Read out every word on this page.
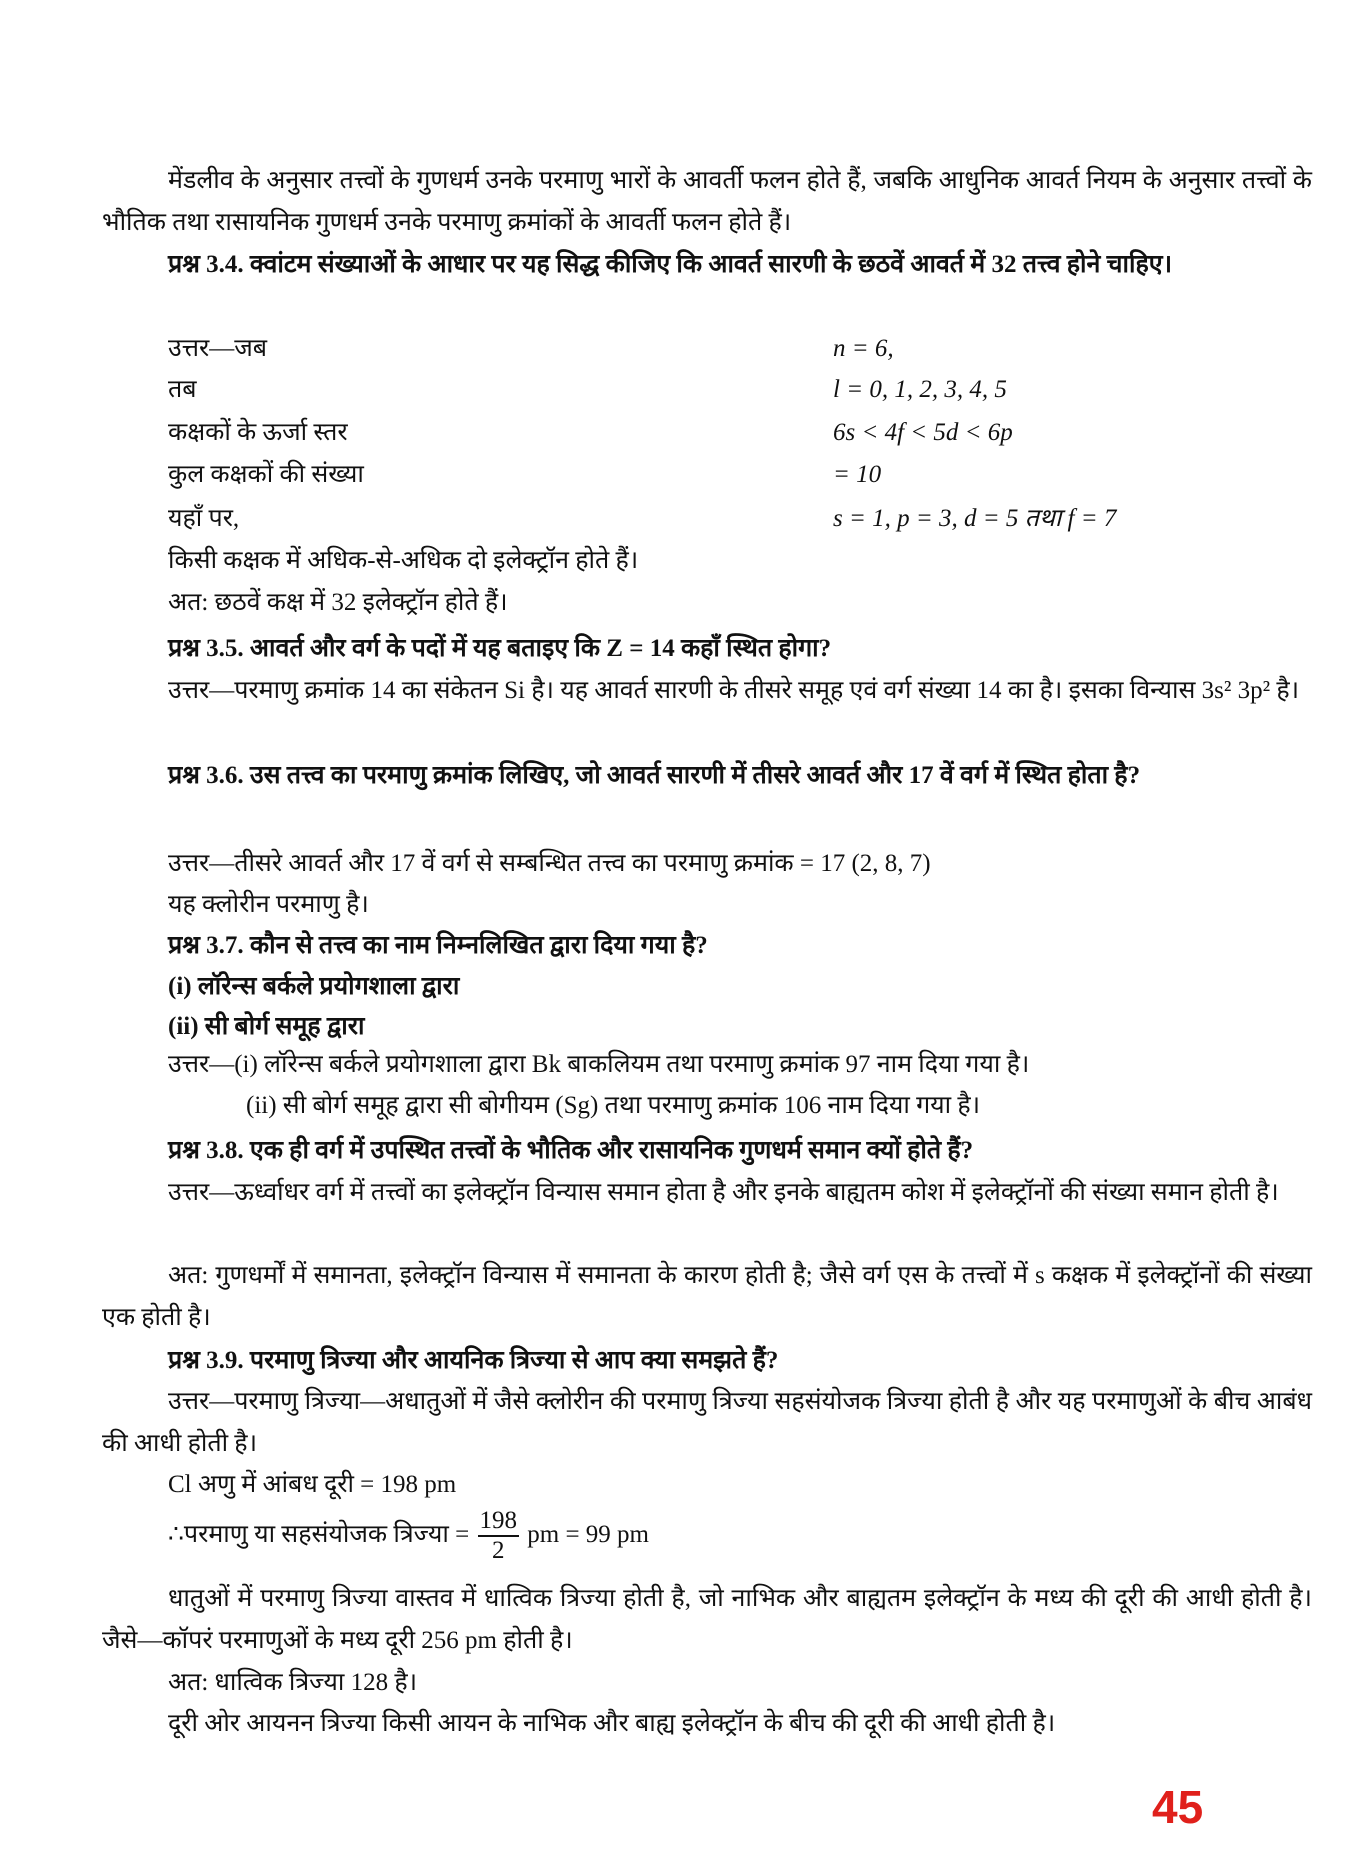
मेंडलीव के अनुसार तत्त्वों के गुणधर्म उनके परमाणु भारों के आवर्ती फलन होते हैं, जबकि आधुनिक आवर्त नियम के अनुसार तत्त्वों के भौतिक तथा रासायनिक गुणधर्म उनके परमाणु क्रमांकों के आवर्ती फलन होते हैं।
प्रश्न 3.4. क्वांटम संख्याओं के आधार पर यह सिद्ध कीजिए कि आवर्त सारणी के छठवें आवर्त में 32 तत्त्व होने चाहिए।
उत्तर—जब	n = 6,
तब	l = 0, 1, 2, 3, 4, 5
कक्षकों के ऊर्जा स्तर	6s < 4f < 5d < 6p
कुल कक्षकों की संख्या	= 10
यहाँ पर,	s = 1, p = 3, d = 5 तथा f = 7
किसी कक्षक में अधिक-से-अधिक दो इलेक्ट्रॉन होते हैं।
अत: छठवें कक्ष में 32 इलेक्ट्रॉन होते हैं।
प्रश्न 3.5. आवर्त और वर्ग के पदों में यह बताइए कि Z = 14 कहाँ स्थित होगा?
उत्तर—परमाणु क्रमांक 14 का संकेतन Si है। यह आवर्त सारणी के तीसरे समूह एवं वर्ग संख्या 14 का है। इसका विन्यास 3s² 3p² है।
प्रश्न 3.6. उस तत्त्व का परमाणु क्रमांक लिखिए, जो आवर्त सारणी में तीसरे आवर्त और 17 वें वर्ग में स्थित होता है?
उत्तर—तीसरे आवर्त और 17 वें वर्ग से सम्बन्धित तत्त्व का परमाणु क्रमांक = 17 (2, 8, 7)
यह क्लोरीन परमाणु है।
प्रश्न 3.7. कौन से तत्त्व का नाम निम्नलिखित द्वारा दिया गया है?
(i) लॉरेन्स बर्कले प्रयोगशाला द्वारा
(ii) सी बोर्ग समूह द्वारा
उत्तर—(i) लॉरेन्स बर्कले प्रयोगशाला द्वारा Bk बाकलियम तथा परमाणु क्रमांक 97 नाम दिया गया है।
(ii) सी बोर्ग समूह द्वारा सी बोगीयम (Sg) तथा परमाणु क्रमांक 106 नाम दिया गया है।
प्रश्न 3.8. एक ही वर्ग में उपस्थित तत्त्वों के भौतिक और रासायनिक गुणधर्म समान क्यों होते हैं?
उत्तर—ऊर्ध्वाधर वर्ग में तत्त्वों का इलेक्ट्रॉन विन्यास समान होता है और इनके बाह्यतम कोश में इलेक्ट्रॉनों की संख्या समान होती है।
अत: गुणधर्मों में समानता, इलेक्ट्रॉन विन्यास में समानता के कारण होती है; जैसे वर्ग एस के तत्त्वों में s कक्षक में इलेक्ट्रॉनों की संख्या एक होती है।
प्रश्न 3.9. परमाणु त्रिज्या और आयनिक त्रिज्या से आप क्या समझते हैं?
उत्तर—परमाणु त्रिज्या—अधातुओं में जैसे क्लोरीन की परमाणु त्रिज्या सहसंयोजक त्रिज्या होती है और यह परमाणुओं के बीच आबंध की आधी होती है।
Cl अणु में आंबध दूरी = 198 pm
∴परमाणु या सहसंयोजक त्रिज्या = $\frac{198}{2}$ pm = 99 pm
धातुओं में परमाणु त्रिज्या वास्तव में धात्विक त्रिज्या होती है, जो नाभिक और बाह्यतम इलेक्ट्रॉन के मध्य की दूरी की आधी होती है। जैसे—कॉपरं परमाणुओं के मध्य दूरी 256 pm होती है।
अत: धात्विक त्रिज्या 128 है।
दूरी ओर आयनन त्रिज्या किसी आयन के नाभिक और बाह्य इलेक्ट्रॉन के बीच की दूरी की आधी होती है।
45
